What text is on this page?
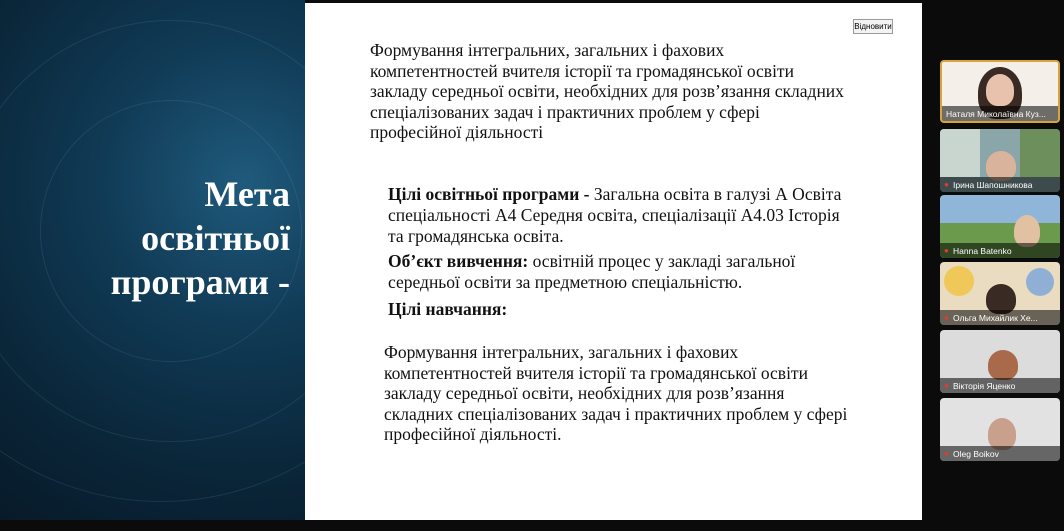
Мета освітньої програми -
Відновити
Формування інтегральних, загальних і фахових компетентностей вчителя історії та громадянської освіти закладу середньої освіти, необхідних для розв’язання складних спеціалізованих задач і практичних проблем у сфері професійної діяльності

Цілі освітньої програми - Загальна освіта в галузі А Освіта спеціальності А4 Середня освіта, спеціалізації А4.03 Історія та громадянська освіта.

Об’єкт вивчення: освітній процес у закладі загальної середньої освіти за предметною спеціальністю.

Цілі навчання:

Формування інтегральних, загальних і фахових компетентностей вчителя історії та громадянської освіти закладу середньої освіти, необхідних для розв’язання складних спеціалізованих задач і практичних проблем у сфері професійної діяльності.
Наталя Миколаївна Куз...
● Ірина Шапошникова
● Hanna Batenko
● Ольга Михайлик Хе...
● Вікторія Яценко
● Oleg Boikov
